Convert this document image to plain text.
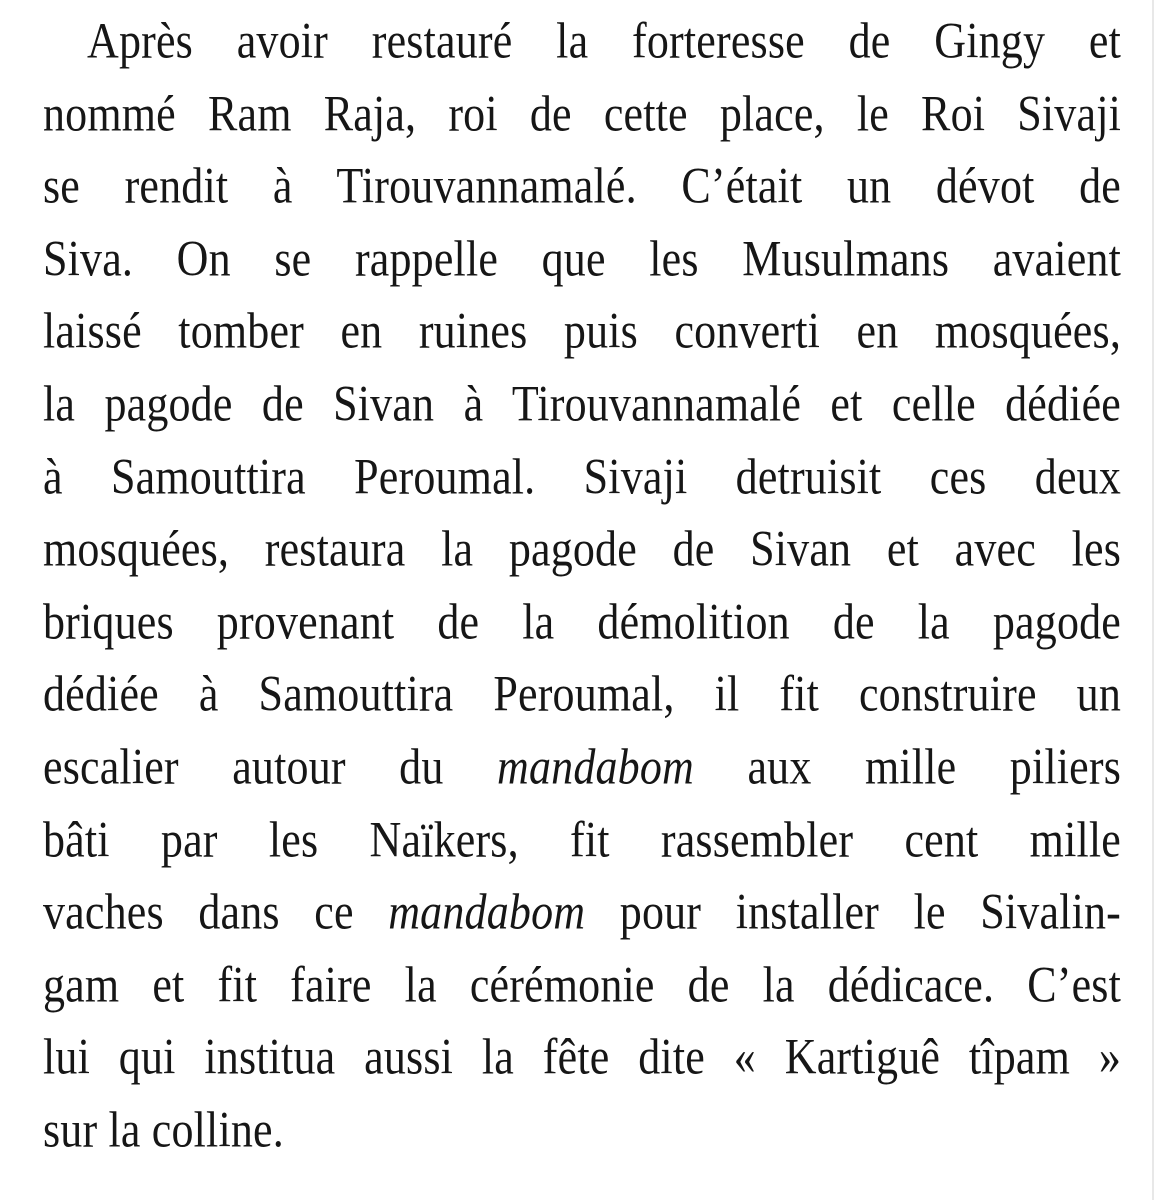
Après avoir restauré la forteresse de Gingy et
nommé Ram Raja, roi de cette place, le Roi Sivaji
se rendit à Tirouvannamalé. C’était un dévot de
Siva. On se rappelle que les Musulmans avaient
laissé tomber en ruines puis converti en mosquées,
la pagode de Sivan à Tirouvannamalé et celle dédiée
à Samouttira Peroumal. Sivaji detruisit ces deux
mosquées, restaura la pagode de Sivan et avec les
briques provenant de la démolition de la pagode
dédiée à Samouttira Peroumal, il fit construire un
escalier autour du mandabom aux mille piliers
bâti par les Naïkers, fit rassembler cent mille
vaches dans ce mandabom pour installer le Sivalin-
gam et fit faire la cérémonie de la dédicace. C’est
lui qui institua aussi la fête dite « Kartiguê tîpam »
sur la colline.
